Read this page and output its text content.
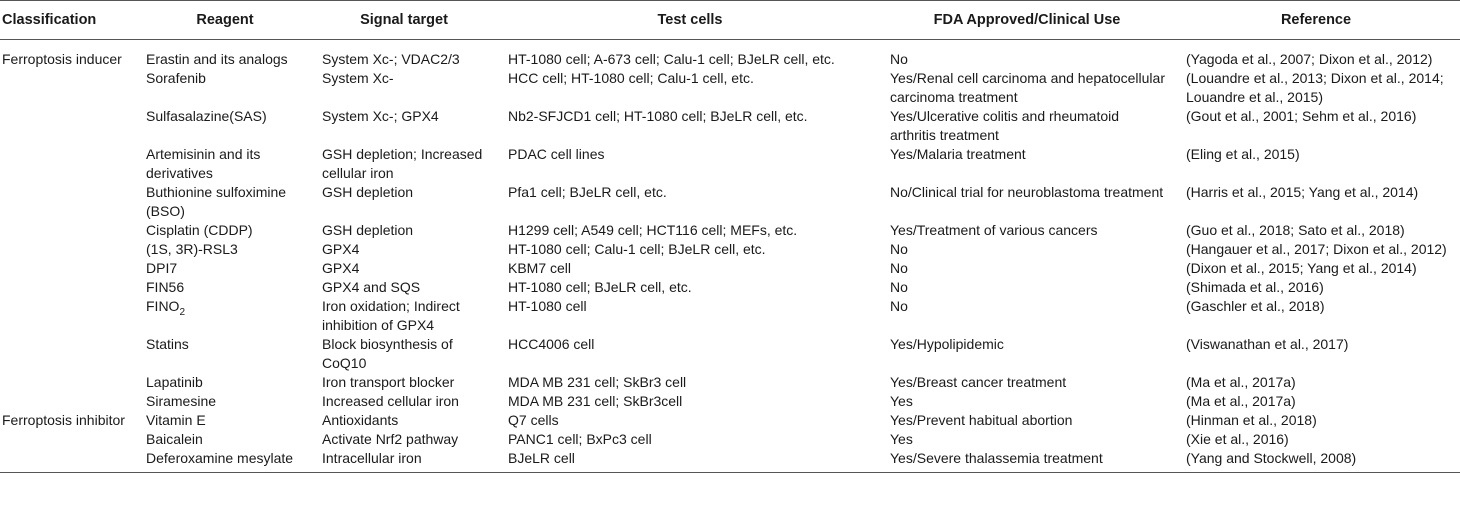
Classification	Reagent	Signal target	Test cells	FDA Approved/Clinical Use	Reference
Ferroptosis inducer	Erastin and its analogs	System Xc-; VDAC2/3	HT-1080 cell; A-673 cell; Calu-1 cell; BJeLR cell, etc.	No	(Yagoda et al., 2007; Dixon et al., 2012)
	Sorafenib	System Xc-	HCC cell; HT-1080 cell; Calu-1 cell, etc.	Yes/Renal cell carcinoma and hepatocellular carcinoma treatment	(Louandre et al., 2013; Dixon et al., 2014; Louandre et al., 2015)
	Sulfasalazine(SAS)	System Xc-; GPX4	Nb2-SFJCD1 cell; HT-1080 cell; BJeLR cell, etc.	Yes/Ulcerative colitis and rheumatoid arthritis treatment	(Gout et al., 2001; Sehm et al., 2016)
	Artemisinin and its derivatives	GSH depletion; Increased cellular iron	PDAC cell lines	Yes/Malaria treatment	(Eling et al., 2015)
	Buthionine sulfoximine (BSO)	GSH depletion	Pfa1 cell; BJeLR cell, etc.	No/Clinical trial for neuroblastoma treatment	(Harris et al., 2015; Yang et al., 2014)
	Cisplatin (CDDP)	GSH depletion	H1299 cell; A549 cell; HCT116 cell; MEFs, etc.	Yes/Treatment of various cancers	(Guo et al., 2018; Sato et al., 2018)
	(1S, 3R)-RSL3	GPX4	HT-1080 cell; Calu-1 cell; BJeLR cell, etc.	No	(Hangauer et al., 2017; Dixon et al., 2012)
	DPI7	GPX4	KBM7 cell	No	(Dixon et al., 2015; Yang et al., 2014)
	FIN56	GPX4 and SQS	HT-1080 cell; BJeLR cell, etc.	No	(Shimada et al., 2016)
	$FINO_2$	Iron oxidation; Indirect inhibition of GPX4	HT-1080 cell	No	(Gaschler et al., 2018)
	Statins	Block biosynthesis of CoQ10	HCC4006 cell	Yes/Hypolipidemic	(Viswanathan et al., 2017)
	Lapatinib	Iron transport blocker	MDA MB 231 cell; SkBr3 cell	Yes/Breast cancer treatment	(Ma et al., 2017a)
	Siramesine	Increased cellular iron	MDA MB 231 cell; SkBr3cell	Yes	(Ma et al., 2017a)
Ferroptosis inhibitor	Vitamin E	Antioxidants	Q7 cells	Yes/Prevent habitual abortion	(Hinman et al., 2018)
	Baicalein	Activate Nrf2 pathway	PANC1 cell; BxPc3 cell	Yes	(Xie et al., 2016)
	Deferoxamine mesylate	Intracellular iron	BJeLR cell	Yes/Severe thalassemia treatment	(Yang and Stockwell, 2008)
